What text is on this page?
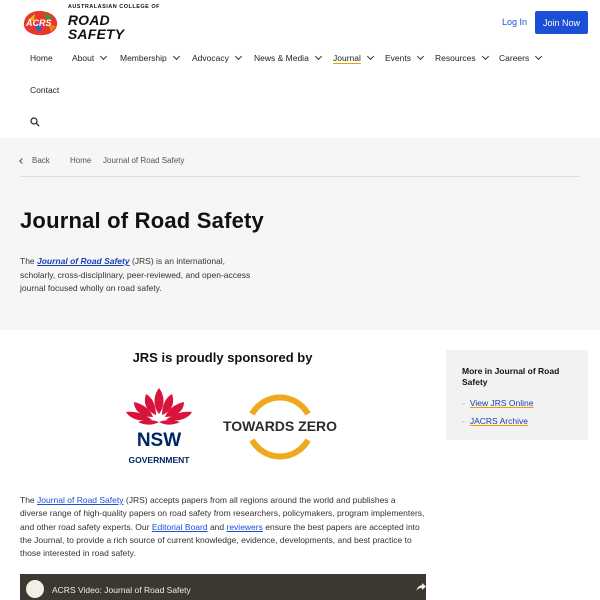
ACRS
AUSTRALASIAN COLLEGE OF
ROAD SAFETY
Log In	Join Now
Home About	Membership	Advocacy	News & Media	Journal	Events	Resources	Careers
Contact
Back	Home Journal of Road Safety
Journal of Road Safety

The Journal of Road Safety (JRS) is an international, scholarly, cross-disciplinary, peer-reviewed, and open-access journal focused wholly on road safety.

JRS is proudly sponsored by
NSW
GOVERNMENT
TOWARDS ZERO

The Journal of Road Safety (JRS) accepts papers from all regions around the world and publishes a diverse range of high-quality papers on road safety from researchers, policymakers, program implementers, and other road safety experts. Our Editorial Board and reviewers ensure the best papers are accepted into the Journal, to provide a rich source of current knowledge, evidence, developments, and best practice to those interested in road safety.

ACRS Video: Journal of Road Safety
More in Journal of Road Safety
- View JRS Online
- JACRS Archive
